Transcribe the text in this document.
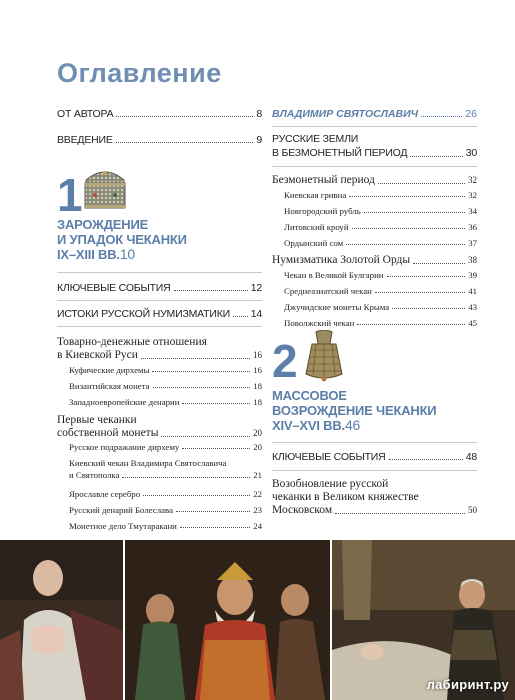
Оглавление
ОТ АВТОРА	8
ВВЕДЕНИЕ	9
1
ЗАРОЖДЕНИЕ
И УПАДОК ЧЕКАНКИ
IX–XIII ВВ. 10
КЛЮЧЕВЫЕ СОБЫТИЯ	12
ИСТОКИ РУССКОЙ НУМИЗМАТИКИ 14
Товарно-денежные отношения
в Киевской Руси	16
Куфические дирхемы	16
Византийская монета	18
Западноевропейские денарии	18
Первые чеканки
собственной монеты	20
Русское подражание дирхему	20
Киевский чекан Владимира Святославича
и Святополка	21
Ярославле серебро	22
Русский денарий Болеслава	23
Монетное дело Тмутаракани	24
ВЛАДИМИР СВЯТОСЛАВИЧ	26
РУССКИЕ ЗЕМЛИ
В БЕЗМОНЕТНЫЙ ПЕРИОД	30
Безмонетный период	32
Киевская гривна	32
Новгородский рубль	34
Литовский кроуй	36
Ордынский сом	37
Нумизматика Золотой Орды	38
Чекан в Великой Булгарии	39
Среднеазиатский чекан	41
Джучидские монеты Крыма	43
Поволжский чекан	45
2
МАССОВОЕ
ВОЗРОЖДЕНИЕ ЧЕКАНКИ
XIV–XVI ВВ. 46
КЛЮЧЕВЫЕ СОБЫТИЯ	48
Возобновление русской
чеканки в Великом княжестве
Московском	50
лабиринт.ру
